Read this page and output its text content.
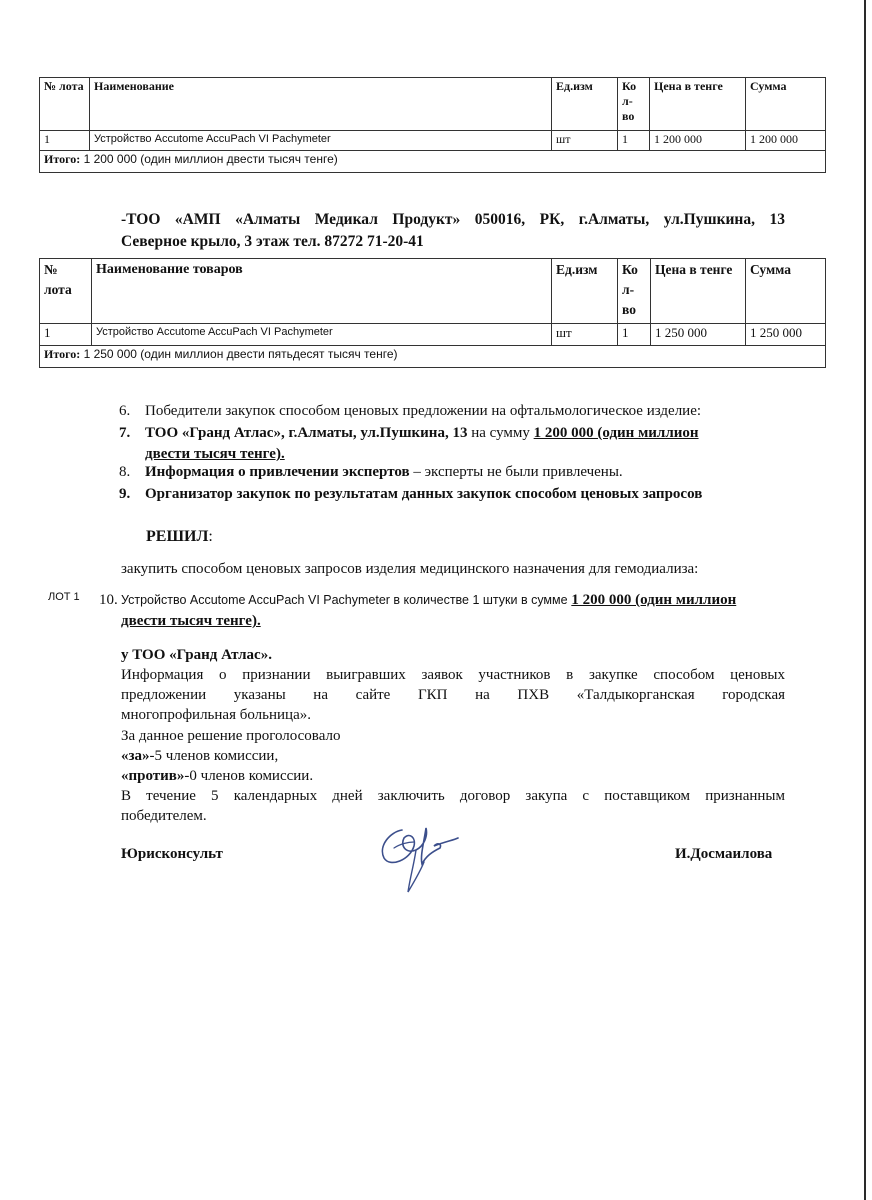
№ лота	Наименование	Ед.изм	Ко л- во	Цена в тенге	Сумма
1	Устройство Accutome AccuPach VI Pachymeter	шт	1	1 200 000	1 200 000
Итого: 1 200 000 (один миллион двести тысяч тенге)					
-ТОО «АМП «Алматы Медикал Продукт» 050016, РК, г.Алматы, ул.Пушкина, 13
Северное крыло, 3 этаж тел. 87272 71-20-41
№ лота	Наименование товаров	Ед.изм	Ко л- во	Цена в тенге	Сумма
1	Устройство Accutome AccuPach VI Pachymeter	шт	1	1 250 000	1 250 000
Итого: 1 250 000 (один миллион двести пятьдесят тысяч тенге)					
6. Победители закупок способом ценовых предложении на офтальмологическое изделие:
7. ТОО «Гранд Атлас», г.Алматы, ул.Пушкина, 13 на сумму 1 200 000 (один миллион
двести тысяч тенге).
8. Информация о привлечении экспертов – эксперты не были привлечены.
9. Организатор закупок по результатам данных закупок способом ценовых запросов
РЕШИЛ:
закупить способом ценовых запросов изделия медицинского назначения для гемодиализа:
ЛОТ 1 10. Устройство Accutome AccuPach VI Pachymeter в количестве 1 штуки в сумме 1 200 000 (один миллион
двести тысяч тенге).
у ТОО «Гранд Атлас».
Информация о признании выигравших заявок участников в закупке способом ценовых
предложении указаны на сайте ГКП на ПХВ «Талдыкорганская городская
многопрофильная больница».
За данное решение проголосовало
«за»-5 членов комиссии,
«против»-0 членов комиссии.
В течение 5 календарных дней заключить договор закупа с поставщиком признанным
победителем.
Юрисконсульт	И.Досмаилова
